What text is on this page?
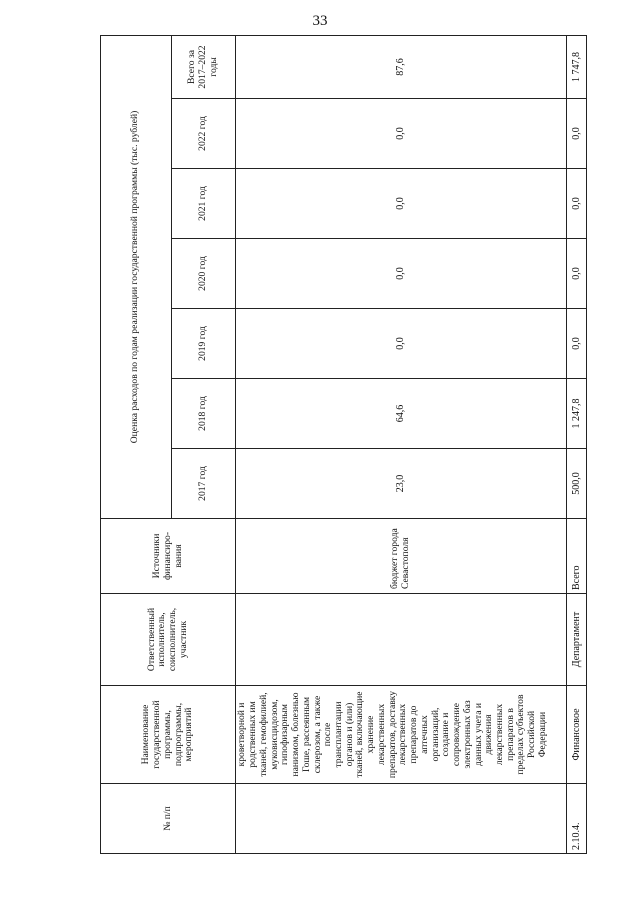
33
№ п/п	Наименование государственной программы, подпрограммы, мероприятий	Ответственный исполнитель, соисполнитель, участник	Источники финансиро- вания	Оценка расходов по годам реализации государственной программы (тыс. рублей)						
				2017 год	2018 год	2019 год	2020 год	2021 год	2022 год	Всего за 2017–2022 годы
	кроветворной и родственных им тканей, гемофилией, муковисцидозом, гипофизарным нанизмом, болезнью Гоше, рассеянным склерозом, а также после трансплантации органов и (или) тканей, включающие хранение лекарственных препаратов, доставку лекарственных препаратов до аптечных организаций, создание и сопровождение электронных баз данных учета и движения лекарственных препаратов в пределах субъектов Российской Федерации		бюджет города Севастополя	23,0	64,6	0,0	0,0	0,0	0,0	87,6
2.10.4.	Финансовое	Департамент	Всего	500,0	1 247,8	0,0	0,0	0,0	0,0	1 747,8
